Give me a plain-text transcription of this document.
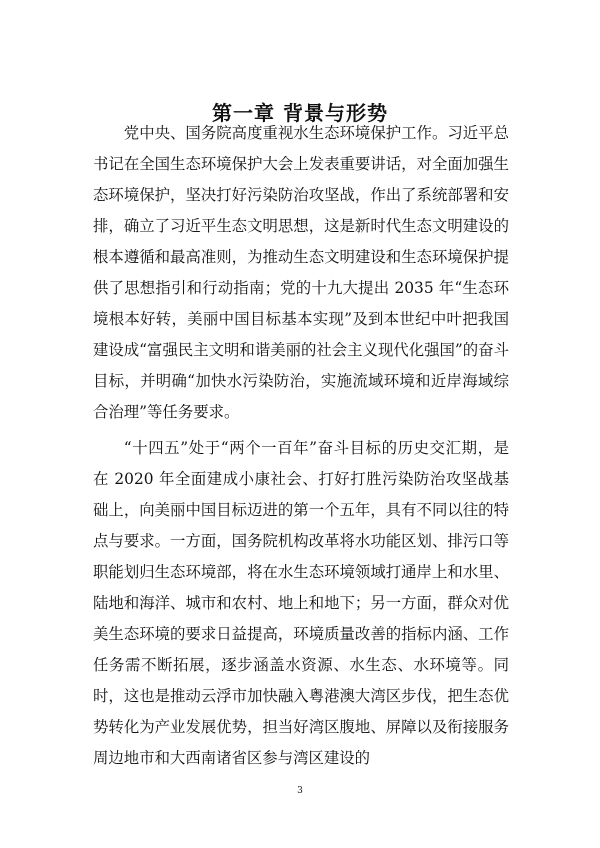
第一章 背景与形势

党中央、国务院高度重视水生态环境保护工作。习近平总书记在全国生态环境保护大会上发表重要讲话，对全面加强生态环境保护，坚决打好污染防治攻坚战，作出了系统部署和安排，确立了习近平生态文明思想，这是新时代生态文明建设的根本遵循和最高准则，为推动生态文明建设和生态环境保护提供了思想指引和行动指南；党的十九大提出 2035 年“生态环境根本好转，美丽中国目标基本实现”及到本世纪中叶把我国建设成“富强民主文明和谐美丽的社会主义现代化强国”的奋斗目标，并明确“加快水污染防治，实施流域环境和近岸海域综合治理”等任务要求。

“十四五”处于“两个一百年”奋斗目标的历史交汇期，是在 2020 年全面建成小康社会、打好打胜污染防治攻坚战基础上，向美丽中国目标迈进的第一个五年，具有不同以往的特点与要求。一方面，国务院机构改革将水功能区划、排污口等职能划归生态环境部，将在水生态环境领域打通岸上和水里、陆地和海洋、城市和农村、地上和地下；另一方面，群众对优美生态环境的要求日益提高，环境质量改善的指标内涵、工作任务需不断拓展，逐步涵盖水资源、水生态、水环境等。同时，这也是推动云浮市加快融入粤港澳大湾区步伐，把生态优势转化为产业发展优势，担当好湾区腹地、屏障以及衔接服务周边地市和大西南诸省区参与湾区建设的

3
